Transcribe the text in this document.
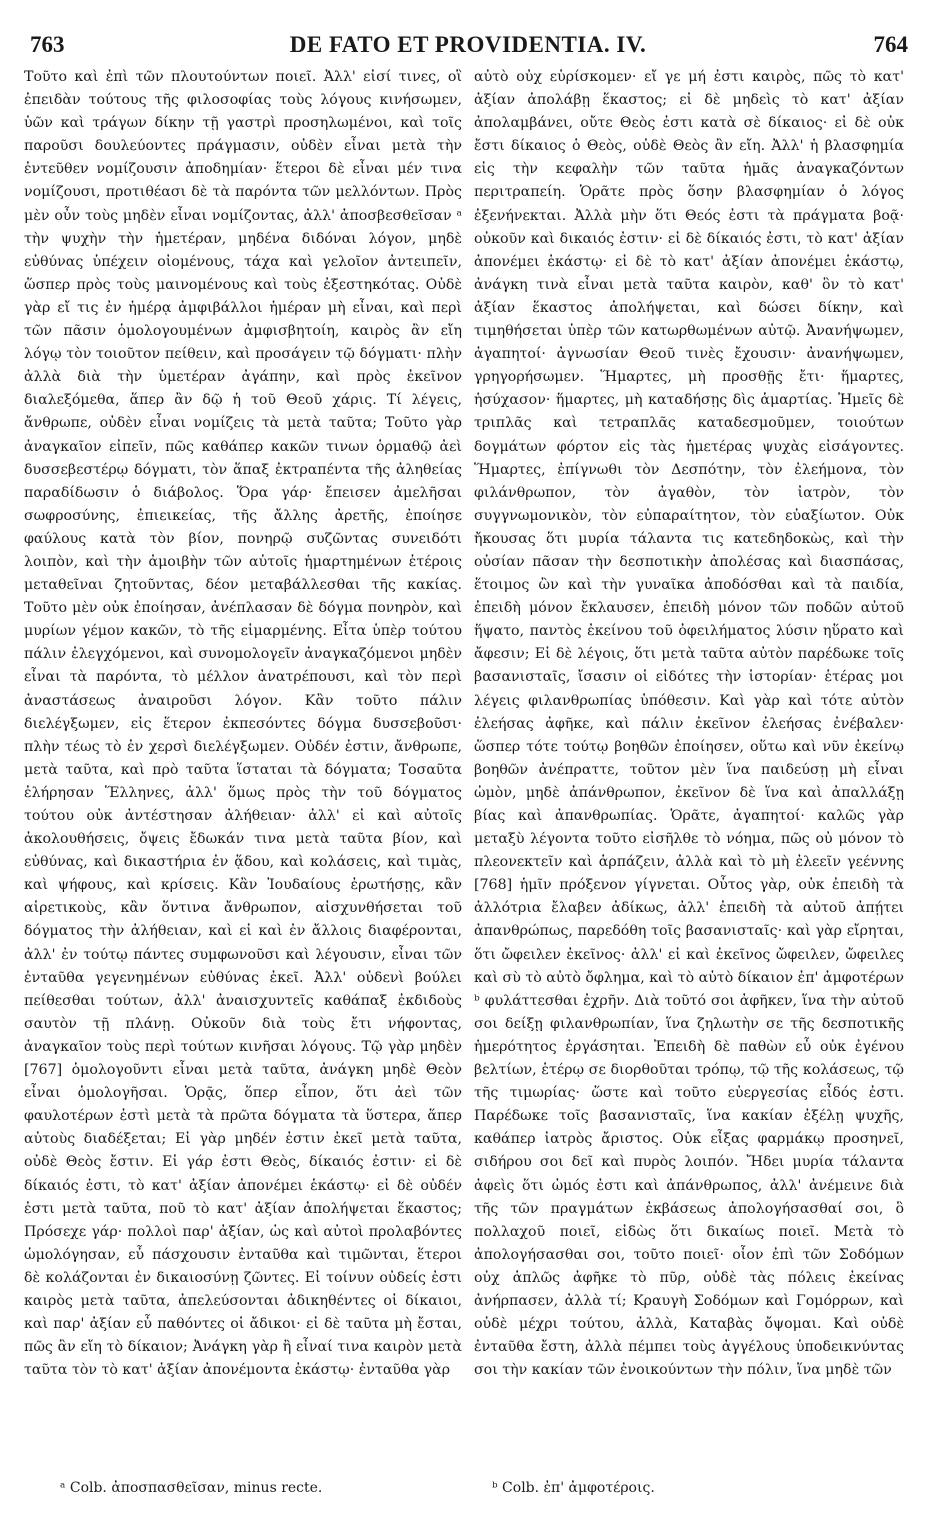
763	DE FATO ET PROVIDENTIA. IV.	764

Τοῦτο καὶ ἐπὶ τῶν πλουτούντων ποιεῖ. Ἀλλ' εἰσί τινες, οἳ ἐπειδὰν τούτους τῆς φιλοσοφίας τοὺς λόγους κινήσωμεν, ὑῶν καὶ τράγων δίκην τῇ γαστρὶ προσηλωμένοι, καὶ τοῖς παροῦσι δουλεύοντες πράγμασιν, οὐδὲν εἶναι μετὰ τὴν ἐντεῦθεν νομίζουσιν ἀποδημίαν· ἕτεροι δὲ εἶναι μέν τινα νομίζουσι, προτιθέασι δὲ τὰ παρόντα τῶν μελλόντων. Πρὸς μὲν οὖν τοὺς μηδὲν εἶναι νομίζοντας, ἀλλ' ἀποσβεσθεῖσαν ᵃ τὴν ψυχὴν τὴν ἡμετέραν, μηδένα διδόναι λόγον, μηδὲ εὐθύνας ὑπέχειν οἰομένους, τάχα καὶ γελοῖον ἀντειπεῖν, ὥσπερ πρὸς τοὺς μαινομένους καὶ τοὺς ἐξεστηκότας. Οὐδὲ γὰρ εἴ τις ἐν ἡμέρᾳ ἀμφιβάλλοι ἡμέραν μὴ εἶναι, καὶ περὶ τῶν πᾶσιν ὁμολογουμένων ἀμφισβητοίη, καιρὸς ἂν εἴη λόγῳ τὸν τοιοῦτον πείθειν, καὶ προσάγειν τῷ δόγματι· πλὴν ἀλλὰ διὰ τὴν ὑμετέραν ἀγάπην, καὶ πρὸς ἐκεῖνον διαλεξόμεθα, ἅπερ ἂν δῷ ἡ τοῦ Θεοῦ χάρις. Τί λέγεις, ἄνθρωπε, οὐδὲν εἶναι νομίζεις τὰ μετὰ ταῦτα; Τοῦτο γὰρ ἀναγκαῖον εἰπεῖν, πῶς καθάπερ κακῶν τινων ὁρμαθῷ ἀεὶ δυσσεβεστέρῳ δόγματι, τὸν ἅπαξ ἐκτραπέντα τῆς ἀληθείας παραδίδωσιν ὁ διάβολος. Ὅρα γάρ· ἔπεισεν ἀμελῆσαι σωφροσύνης, ἐπιεικείας, τῆς ἄλλης ἀρετῆς, ἐποίησε φαύλους κατὰ τὸν βίον, πονηρῷ συζῶντας συνειδότι λοιπὸν, καὶ τὴν ἀμοιβὴν τῶν αὐτοῖς ἡμαρτημένων ἑτέροις μεταθεῖναι ζητοῦντας, δέον μεταβάλλεσθαι τῆς κακίας. Τοῦτο μὲν οὐκ ἐποίησαν, ἀνέπλασαν δὲ δόγμα πονηρὸν, καὶ μυρίων γέμον κακῶν, τὸ τῆς εἱμαρμένης. Εἶτα ὑπὲρ τούτου πάλιν ἐλεγχόμενοι, καὶ συνομολογεῖν ἀναγκαζόμενοι μηδὲν εἶναι τὰ παρόντα, τὸ μέλλον ἀνατρέπουσι, καὶ τὸν περὶ ἀναστάσεως ἀναιροῦσι λόγον. Κἂν τοῦτο πάλιν διελέγξωμεν, εἰς ἕτερον ἐκπεσόντες δόγμα δυσσεβοῦσι· πλὴν τέως τὸ ἐν χερσὶ διελέγξωμεν. Οὐδέν ἐστιν, ἄνθρωπε, μετὰ ταῦτα, καὶ πρὸ ταῦτα ἵσταται τὰ δόγματα; Τοσαῦτα ἐλήρησαν Ἕλληνες, ἀλλ' ὅμως πρὸς τὴν τοῦ δόγματος τούτου οὐκ ἀντέστησαν ἀλήθειαν· ἀλλ' εἰ καὶ αὐτοῖς ἀκολουθήσεις, ὄψεις ἔδωκάν τινα μετὰ ταῦτα βίον, καὶ εὐθύνας, καὶ δικαστήρια ἐν ᾅδου, καὶ κολάσεις, καὶ τιμὰς, καὶ ψήφους, καὶ κρίσεις. Κἂν Ἰουδαίους ἐρωτήσῃς, κἂν αἱρετικοὺς, κἂν ὅντινα ἄνθρωπον, αἰσχυνθήσεται τοῦ δόγματος τὴν ἀλήθειαν, καὶ εἰ καὶ ἐν ἄλλοις διαφέρονται, ἀλλ' ἐν τούτῳ πάντες συμφωνοῦσι καὶ λέγουσιν, εἶναι τῶν ἐνταῦθα γεγενημένων εὐθύνας ἐκεῖ. Ἀλλ' οὐδενὶ βούλει πείθεσθαι τούτων, ἀλλ' ἀναισχυντεῖς καθάπαξ ἐκδιδοὺς σαυτὸν τῇ πλάνῃ. Οὐκοῦν διὰ τοὺς ἔτι νήφοντας, ἀναγκαῖον τοὺς περὶ τούτων κινῆσαι λόγους. Τῷ γὰρ μηδὲν [767] ὁμολογοῦντι εἶναι μετὰ ταῦτα, ἀνάγκη μηδὲ Θεὸν εἶναι ὁμολογῆσαι. Ὁρᾷς, ὅπερ εἶπον, ὅτι ἀεὶ τῶν φαυλοτέρων ἐστὶ μετὰ τὰ πρῶτα δόγματα τὰ ὕστερα, ἅπερ αὐτοὺς διαδέξεται; Εἰ γὰρ μηδέν ἐστιν ἐκεῖ μετὰ ταῦτα, οὐδὲ Θεὸς ἔστιν. Εἰ γάρ ἐστι Θεὸς, δίκαιός ἐστιν· εἰ δὲ δίκαιός ἐστι, τὸ κατ' ἀξίαν ἀπονέμει ἑκάστῳ· εἰ δὲ οὐδέν ἐστι μετὰ ταῦτα, ποῦ τὸ κατ' ἀξίαν ἀπολήψεται ἕκαστος; Πρόσεχε γάρ· πολλοὶ παρ' ἀξίαν, ὡς καὶ αὐτοὶ προλαβόντες ὡμολόγησαν, εὖ πάσχουσιν ἐνταῦθα καὶ τιμῶνται, ἕτεροι δὲ κολάζονται ἐν δικαιοσύνῃ ζῶντες. Εἰ τοίνυν οὐδείς ἐστι καιρὸς μετὰ ταῦτα, ἀπελεύσονται ἀδικηθέντες οἱ δίκαιοι, καὶ παρ' ἀξίαν εὖ παθόντες οἱ ἄδικοι· εἰ δὲ ταῦτα μὴ ἔσται, πῶς ἂν εἴη τὸ δίκαιον; Ἀνάγκη γὰρ ἢ εἶναί τινα καιρὸν μετὰ ταῦτα τὸν τὸ κατ' ἀξίαν ἀπονέμοντα ἑκάστῳ· ἐνταῦθα γὰρ

αὐτὸ οὐχ εὑρίσκομεν· εἴ γε μή ἐστι καιρὸς, πῶς τὸ κατ' ἀξίαν ἀπολάβῃ ἕκαστος; εἰ δὲ μηδεὶς τὸ κατ' ἀξίαν ἀπολαμβάνει, οὔτε Θεὸς ἐστι κατὰ σὲ δίκαιος· εἰ δὲ οὐκ ἔστι δίκαιος ὁ Θεὸς, οὐδὲ Θεὸς ἂν εἴη. Ἀλλ' ἡ βλασφημία εἰς τὴν κεφαλὴν τῶν ταῦτα ἡμᾶς ἀναγκαζόντων περιτραπείη. Ὁρᾶτε πρὸς ὅσην βλασφημίαν ὁ λόγος ἐξενήνεκται. Ἀλλὰ μὴν ὅτι Θεός ἐστι τὰ πράγματα βοᾷ· οὐκοῦν καὶ δικαιός ἐστιν· εἰ δὲ δίκαιός ἐστι, τὸ κατ' ἀξίαν ἀπονέμει ἑκάστῳ· εἰ δὲ τὸ κατ' ἀξίαν ἀπονέμει ἑκάστῳ, ἀνάγκη τινὰ εἶναι μετὰ ταῦτα καιρὸν, καθ' ὃν τὸ κατ' ἀξίαν ἕκαστος ἀπολήψεται, καὶ δώσει δίκην, καὶ τιμηθήσεται ὑπὲρ τῶν κατωρθωμένων αὐτῷ. Ἀνανήψωμεν, ἀγαπητοί· ἀγνωσίαν Θεοῦ τινὲς ἔχουσιν· ἀνανήψωμεν, γρηγορήσωμεν. Ἥμαρτες, μὴ προσθῇς ἔτι· ἥμαρτες, ἡσύχασον· ἥμαρτες, μὴ καταδήσῃς δὶς ἁμαρτίας. Ἡμεῖς δὲ τριπλᾶς καὶ τετραπλᾶς καταδεσμοῦμεν, τοιούτων δογμάτων φόρτον εἰς τὰς ἡμετέρας ψυχὰς εἰσάγοντες. Ἥμαρτες, ἐπίγνωθι τὸν Δεσπότην, τὸν ἐλεήμονα, τὸν φιλάνθρωπον, τὸν ἀγαθὸν, τὸν ἰατρὸν, τὸν συγγνωμονικὸν, τὸν εὐπαραίτητον, τὸν εὐαξίωτον. Οὐκ ἤκουσας ὅτι μυρία τάλαντα τις κατεδηδοκὼς, καὶ τὴν οὐσίαν πᾶσαν τὴν δεσποτικὴν ἀπολέσας καὶ διασπάσας, ἕτοιμος ὢν καὶ τὴν γυναῖκα ἀποδόσθαι καὶ τὰ παιδία, ἐπειδὴ μόνον ἔκλαυσεν, ἐπειδὴ μόνον τῶν ποδῶν αὐτοῦ ἥψατο, παντὸς ἐκείνου τοῦ ὀφειλήματος λύσιν ηὕρατο καὶ ἄφεσιν; Εἰ δὲ λέγοις, ὅτι μετὰ ταῦτα αὐτὸν παρέδωκε τοῖς βασανισταῖς, ἴσασιν οἱ εἰδότες τὴν ἱστορίαν· ἑτέρας μοι λέγεις φιλανθρωπίας ὑπόθεσιν. Καὶ γὰρ καὶ τότε αὐτὸν ἐλεήσας ἀφῆκε, καὶ πάλιν ἐκεῖνον ἐλεήσας ἐνέβαλεν· ὥσπερ τότε τούτῳ βοηθῶν ἐποίησεν, οὕτω καὶ νῦν ἐκείνῳ βοηθῶν ἀνέπραττε, τοῦτον μὲν ἵνα παιδεύσῃ μὴ εἶναι ὠμὸν, μηδὲ ἀπάνθρωπον, ἐκεῖνον δὲ ἵνα καὶ ἀπαλλάξῃ βίας καὶ ἀπανθρωπίας. Ὁρᾶτε, ἀγαπητοί· καλῶς γὰρ μεταξὺ λέγοντα τοῦτο εἰσῆλθε τὸ νόημα, πῶς οὐ μόνον τὸ πλεονεκτεῖν καὶ ἁρπάζειν, ἀλλὰ καὶ τὸ μὴ ἐλεεῖν γεέννης [768] ἡμῖν πρόξενον γίγνεται. Οὗτος γὰρ, οὐκ ἐπειδὴ τὰ ἀλλότρια ἔλαβεν ἀδίκως, ἀλλ' ἐπειδὴ τὰ αὐτοῦ ἀπῄτει ἀπανθρώπως, παρεδόθη τοῖς βασανισταῖς· καὶ γὰρ εἴρηται, ὅτι ὤφειλεν ἐκεῖνος· ἀλλ' εἰ καὶ ἐκεῖνος ὤφειλεν, ὤφειλες καὶ σὺ τὸ αὐτὸ ὄφλημα, καὶ τὸ αὐτὸ δίκαιον ἐπ' ἀμφοτέρων ᵇ φυλάττεσθαι ἐχρῆν. Διὰ τοῦτό σοι ἀφῆκεν, ἵνα τὴν αὐτοῦ σοι δείξῃ φιλανθρωπίαν, ἵνα ζηλωτὴν σε τῆς δεσποτικῆς ἡμερότητος ἐργάσηται. Ἐπειδὴ δὲ παθὼν εὖ οὐκ ἐγένου βελτίων, ἑτέρῳ σε διορθοῦται τρόπῳ, τῷ τῆς κολάσεως, τῷ τῆς τιμωρίας· ὥστε καὶ τοῦτο εὐεργεσίας εἶδός ἐστι. Παρέδωκε τοῖς βασανισταῖς, ἵνα κακίαν ἐξέλῃ ψυχῆς, καθάπερ ἰατρὸς ἄριστος. Οὐκ εἶξας φαρμάκῳ προσηνεῖ, σιδήρου σοι δεῖ καὶ πυρὸς λοιπόν. Ἤδει μυρία τάλαντα ἀφεὶς ὅτι ὠμός ἐστι καὶ ἀπάνθρωπος, ἀλλ' ἀνέμεινε διὰ τῆς τῶν πραγμάτων ἐκβάσεως ἀπολογήσασθαί σοι, ὃ πολλαχοῦ ποιεῖ, εἰδὼς ὅτι δικαίως ποιεῖ. Μετὰ τὸ ἀπολογήσασθαι σοι, τοῦτο ποιεῖ· οἷον ἐπὶ τῶν Σοδόμων οὐχ ἁπλῶς ἀφῆκε τὸ πῦρ, οὐδὲ τὰς πόλεις ἐκείνας ἀνήρπασεν, ἀλλὰ τί; Κραυγὴ Σοδόμων καὶ Γομόρρων, καὶ οὐδὲ μέχρι τούτου, ἀλλὰ, Καταβὰς ὄψομαι. Καὶ οὐδὲ ἐνταῦθα ἔστη, ἀλλὰ πέμπει τοὺς ἀγγέλους ὑποδεικνύντας σοι τὴν κακίαν τῶν ἐνοικούντων τὴν πόλιν, ἵνα μηδὲ τῶν

ᵃ Colb. ἀποσπασθεῖσαν, minus recte.	ᵇ Colb. ἐπ' ἀμφοτέροις.
